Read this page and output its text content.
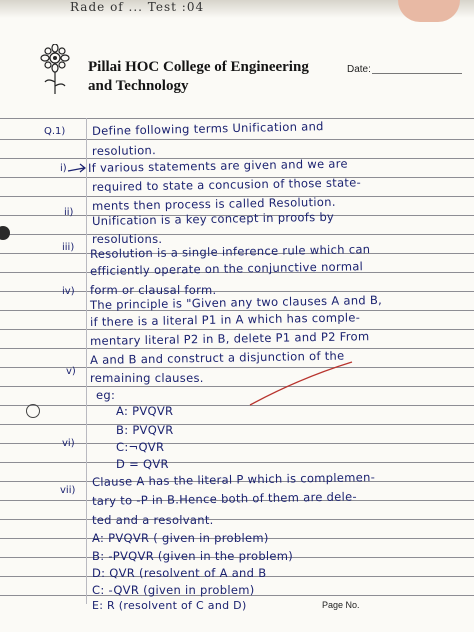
Rade of ... Test :04
Pillai HOC College of Engineering
and Technology
Date:
Q.1)
i)
ii)
iii)
iv)
v)
vi)
vii)
Define following terms Unification and
resolution.
If various statements are given and we are
required to state a concusion of those state-
ments then process is called Resolution.
Unification is a key concept in proofs by
resolutions.
Resolution is a single inference rule which can
efficiently operate on the conjunctive normal
form or clausal form.
The principle is "Given any two clauses A and B,
if there is a literal P1 in A which has comple-
mentary literal P2 in B, delete P1 and P2 From
A and B and construct a disjunction of the
remaining clauses.
eg:
A: PVQVR
B: PVQVR
C:¬QVR
D = QVR
Clause A has the literal P which is complemen-
tary to -P in B.Hence both of them are dele-
ted and a resolvant.
A: PVQVR ( given in problem)
B: -PVQVR (given in the problem)
D: QVR (resolvent of A and B
C: -QVR (given in problem)
E: R (resolvent of C and D)	Page No.
